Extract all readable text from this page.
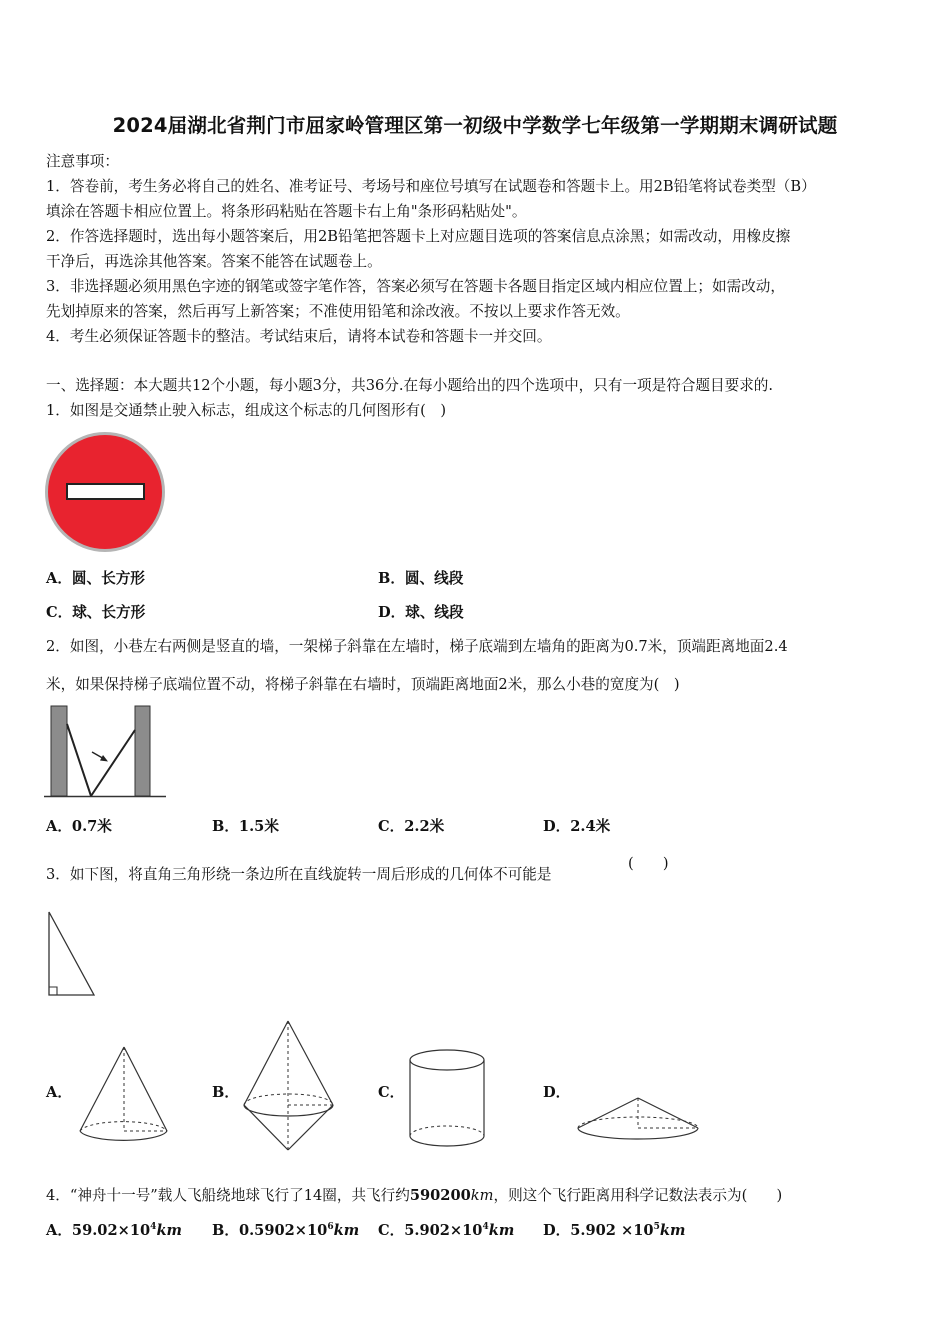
2024届湖北省荆门市屈家岭管理区第一初级中学数学七年级第一学期期末调研试题
注意事项：
1．答卷前，考生务必将自己的姓名、准考证号、考场号和座位号填写在试题卷和答题卡上。用2B铅笔将试卷类型（B）
填涂在答题卡相应位置上。将条形码粘贴在答题卡右上角"条形码粘贴处"。
2．作答选择题时，选出每小题答案后，用2B铅笔把答题卡上对应题目选项的答案信息点涂黑；如需改动，用橡皮擦
干净后，再选涂其他答案。答案不能答在试题卷上。
3．非选择题必须用黑色字迹的钢笔或签字笔作答，答案必须写在答题卡各题目指定区域内相应位置上；如需改动，
先划掉原来的答案，然后再写上新答案；不准使用铅笔和涂改液。不按以上要求作答无效。
4．考生必须保证答题卡的整洁。考试结束后，请将本试卷和答题卡一并交回。
一、选择题：本大题共12个小题，每小题3分，共36分.在每小题给出的四个选项中，只有一项是符合题目要求的.
1．如图是交通禁止驶入标志，组成这个标志的几何图形有(　)
A．圆、长方形	B．圆、线段
C．球、长方形	D．球、线段
2．如图，小巷左右两侧是竖直的墙，一架梯子斜靠在左墙时，梯子底端到左墙角的距离为0.7米，顶端距离地面2.4
米，如果保持梯子底端位置不动，将梯子斜靠在右墙时，顶端距离地面2米，那么小巷的宽度为(　)
A．0.7米	B．1.5米	C．2.2米	D．2.4米
3．如下图，将直角三角形绕一条边所在直线旋转一周后形成的几何体不可能是
(　　)
A．	B．	C．	D．
4．“神舟十一号”载人飞船绕地球飞行了14圈，共飞行约590200km，则这个飞行距离用科学记数法表示为(　　)
A．$59.02\times 10^4km$ B．$0.5902\times 10^6km$ C．$5.902\times 10^4km$ D．$5.902 \times 10^5km$
